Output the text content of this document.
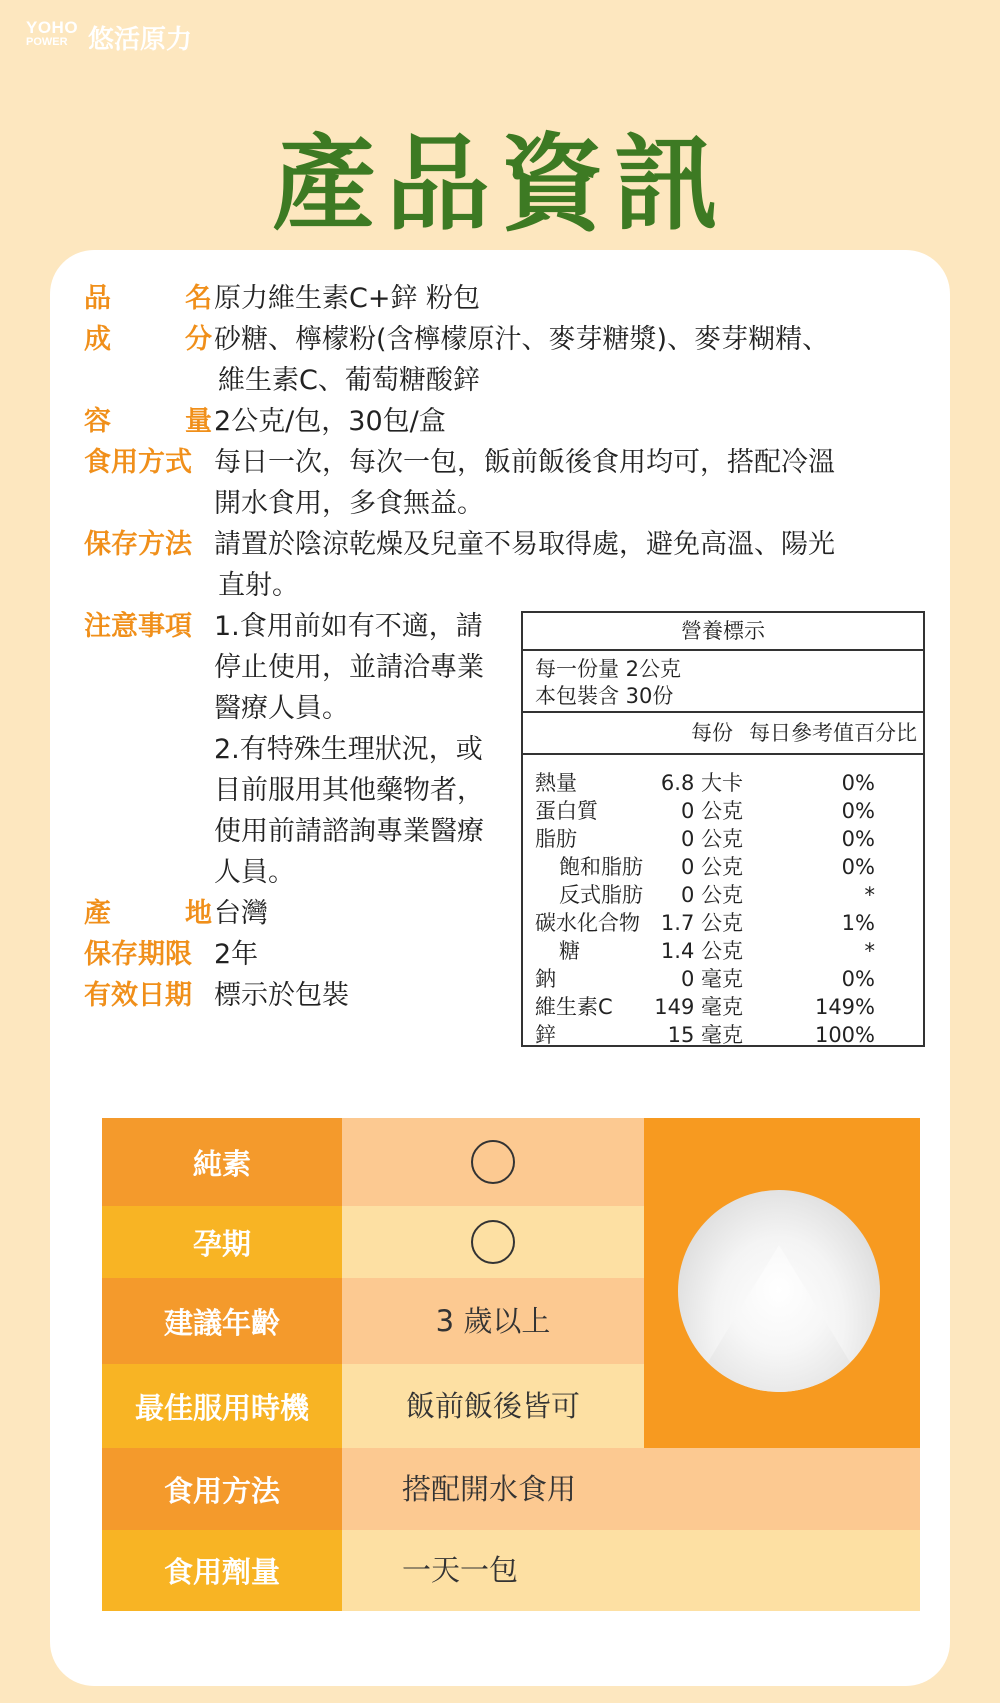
YOHO
POWER 悠活原力
產品資訊
品	名 原力維生素C+鋅 粉包
成	分 砂糖、檸檬粉(含檸檬原汁、麥芽糖漿)、麥芽糊精、
維生素C、葡萄糖酸鋅
容	量 2公克/包，30包/盒
食用方式 每日一次，每次一包，飯前飯後食用均可，搭配冷溫
開水食用，多食無益。
保存方法 請置於陰涼乾燥及兒童不易取得處，避免高溫、陽光
直射。
注意事項 1.食用前如有不適，請
停止使用，並請洽專業
醫療人員。
2.有特殊生理狀況，或
目前服用其他藥物者，
使用前請諮詢專業醫療
人員。
產	地 台灣
保存期限 2年
有效日期 標示於包裝
營養標示
每一份量 2公克
本包裝含 30份
每份 每日參考值百分比
熱量	6.8 大卡	0%
蛋白質	0 公克	0%
脂肪	0 公克	0%
飽和脂肪 0 公克	0%
反式脂肪 0 公克	*
碳水化合物 1.7 公克	1%
糖	1.4 公克	*
鈉	0 毫克	0%
維生素C 149 毫克	149%
鋅	15 毫克	100%
純素
孕期
建議年齡	3 歲以上
最佳服用時機	飯前飯後皆可
食用方法	搭配開水食用
食用劑量	一天一包
